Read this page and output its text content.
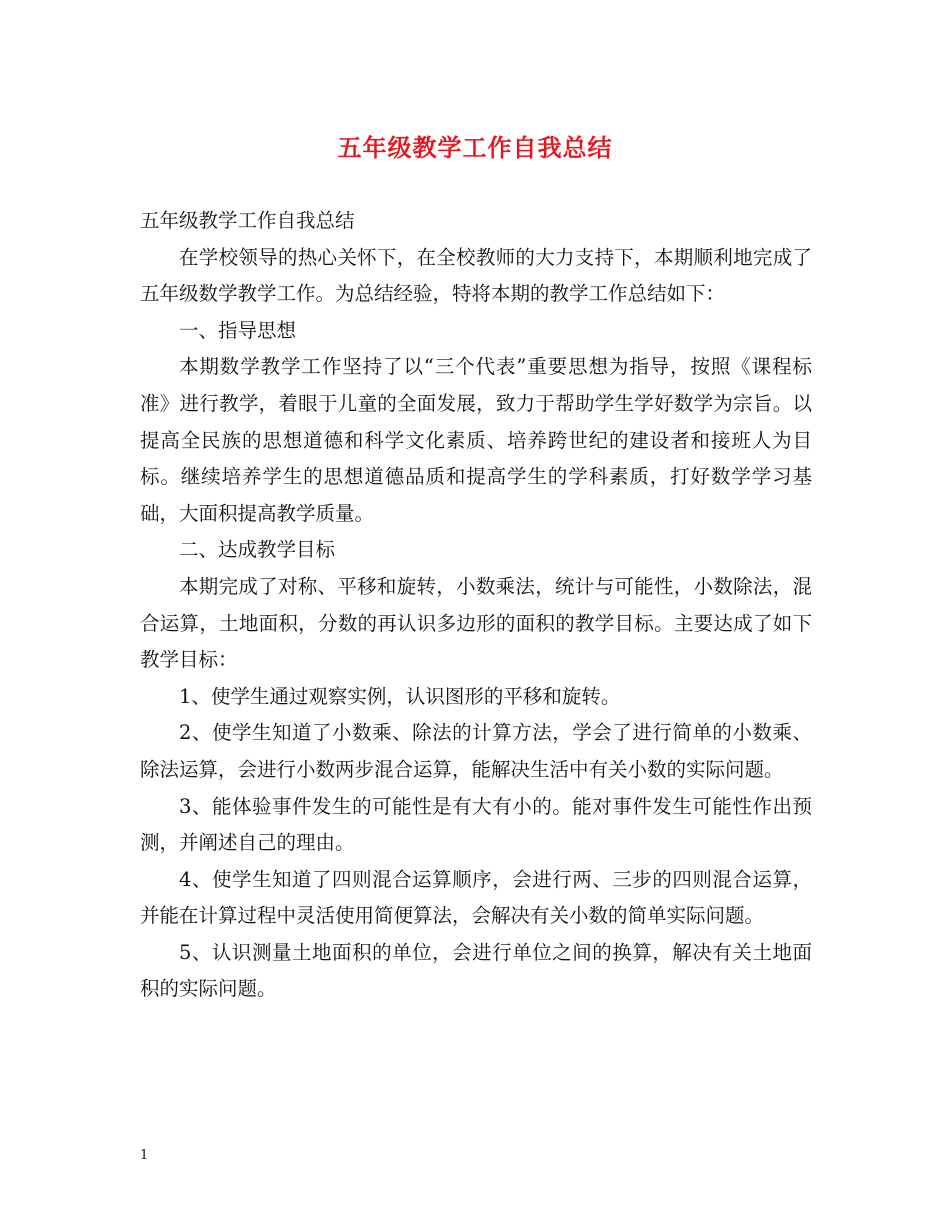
五年级教学工作自我总结

五年级教学工作自我总结

在学校领导的热心关怀下，在全校教师的大力支持下，本期顺利地完成了五年级数学教学工作。为总结经验，特将本期的教学工作总结如下：

一、指导思想

本期数学教学工作坚持了以“三个代表”重要思想为指导，按照《课程标准》进行教学，着眼于儿童的全面发展，致力于帮助学生学好数学为宗旨。以提高全民族的思想道德和科学文化素质、培养跨世纪的建设者和接班人为目标。继续培养学生的思想道德品质和提高学生的学科素质，打好数学学习基础，大面积提高教学质量。

二、达成教学目标

本期完成了对称、平移和旋转，小数乘法，统计与可能性，小数除法，混合运算，土地面积，分数的再认识多边形的面积的教学目标。主要达成了如下教学目标：

1、使学生通过观察实例，认识图形的平移和旋转。

2、使学生知道了小数乘、除法的计算方法，学会了进行简单的小数乘、除法运算，会进行小数两步混合运算，能解决生活中有关小数的实际问题。

3、能体验事件发生的可能性是有大有小的。能对事件发生可能性作出预测，并阐述自己的理由。

4、使学生知道了四则混合运算顺序，会进行两、三步的四则混合运算，并能在计算过程中灵活使用简便算法，会解决有关小数的简单实际问题。

5、认识测量土地面积的单位，会进行单位之间的换算，解决有关土地面积的实际问题。

1
